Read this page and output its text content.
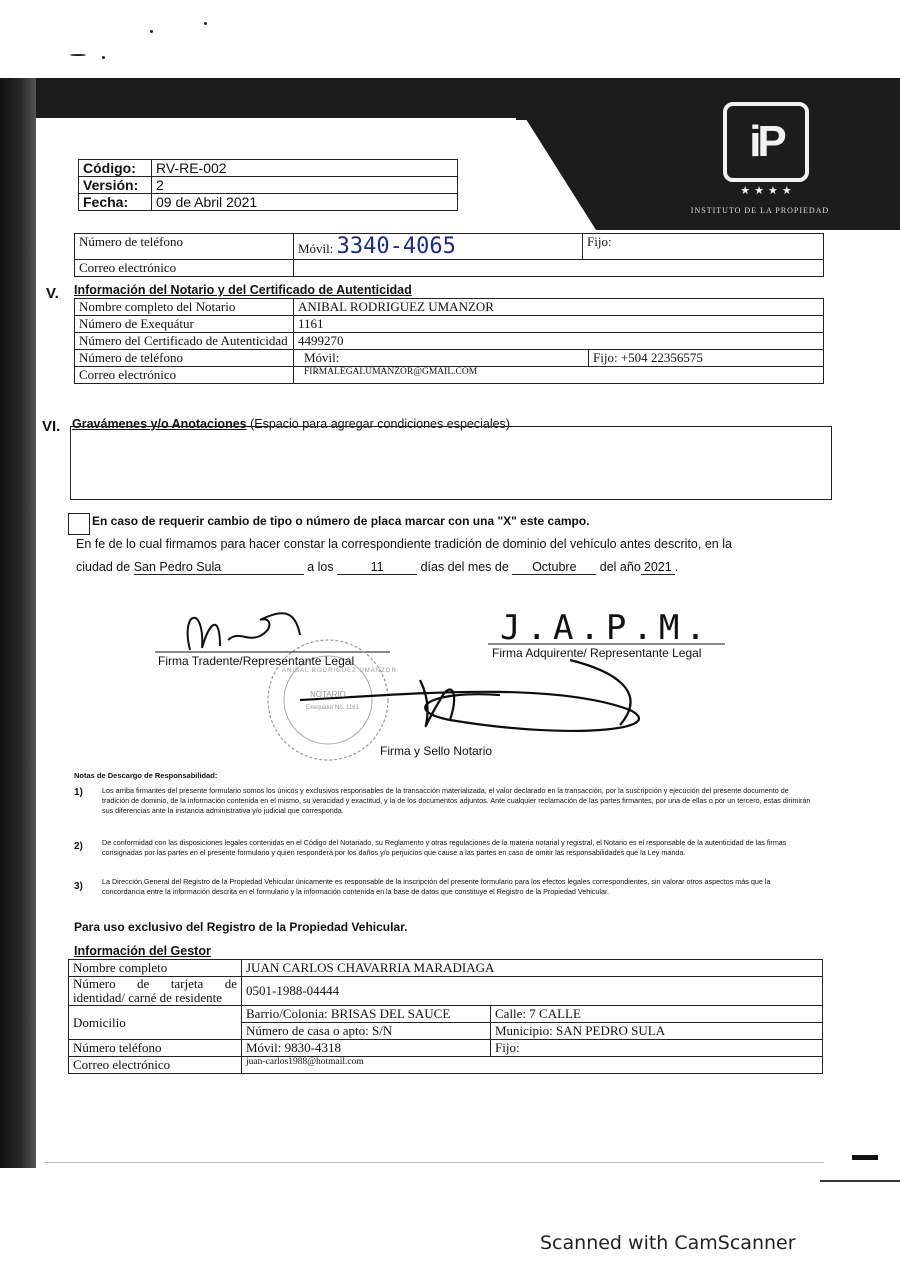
iP
★★★★
INSTITUTO DE LA PROPIEDAD
Código:	RV-RE-002
Versión:	2
Fecha:	09 de Abril 2021
Número de teléfono	Móvil: 3340-4065	Fijo:
Correo electrónico		
V. Información del Notario y del Certificado de Autenticidad
Nombre completo del Notario	ANIBAL RODRIGUEZ UMANZOR	
Número de Exequátur	1161	
Número del Certificado de Autenticidad	4499270	
Número de teléfono	Móvil:	Fijo: +504 22356575
Correo electrónico	FIRMALEGALUMANZOR@GMAIL.COM	
VI. Gravámenes y/o Anotaciones (Espacio para agregar condiciones especiales)
En caso de requerir cambio de tipo o número de placa marcar con una "X" este campo.
En fe de lo cual firmamos para hacer constar la correspondiente tradición de dominio del vehículo antes descrito, en la
ciudad de San Pedro Sula	a los	11	días del mes de Octubre del año 2021 .
J.A.P.M.
Firma Tradente/Representante Legal
Firma Adquirente/ Representante Legal
NOTARIO
ANIBAL RODRIGUEZ UMANZOR
Exequátur No. 1161
Firma y Sello Notario
Notas de Descargo de Responsabilidad:
1)	Los arriba firmantes del presente formulario somos los únicos y exclusivos responsables de la transacción materializada, el valor declarado en la transacción, por la suscripción y ejecución del presente documento de tradición de dominio, de la información contenida en el mismo, su veracidad y exactitud, y la de los documentos adjuntos. Ante cualquier reclamación de las partes firmantes, por una de ellas o por un tercero, estas dirimirán sus diferencias ante la instancia administrativa y/o judicial que corresponda.
2)	De conformidad con las disposiciones legales contenidas en el Código del Notariado, su Reglamento y otras regulaciones de la materia notarial y registral, el Notario es el responsable de la autenticidad de las firmas consignadas por las partes en el presente formulario y quien responderá por los daños y/o perjuicios que cause a las partes en caso de omitir las responsabilidades que la Ley manda.
3)	La Dirección General del Registro de la Propiedad Vehicular únicamente es responsable de la inscripción del presente formulario para los efectos legales correspondientes, sin valorar otros aspectos más que la concordancia entre la información descrita en el formulario y la información contenida en la base de datos que constituye el Registro de la Propiedad Vehicular.
Para uso exclusivo del Registro de la Propiedad Vehicular.
Información del Gestor
Nombre completo	JUAN CARLOS CHAVARRIA MARADIAGA	
Número de tarjeta de identidad/ carné de residente	0501-1988-04444	
Domicilio	Barrio/Colonia: BRISAS DEL SAUCE	Calle: 7 CALLE
	Número de casa o apto: S/N	Municipio: SAN PEDRO SULA
Número teléfono	Móvil: 9830-4318	Fijo:
Correo electrónico	juan-carlos1988@hotmail.com	
Scanned with CamScanner
